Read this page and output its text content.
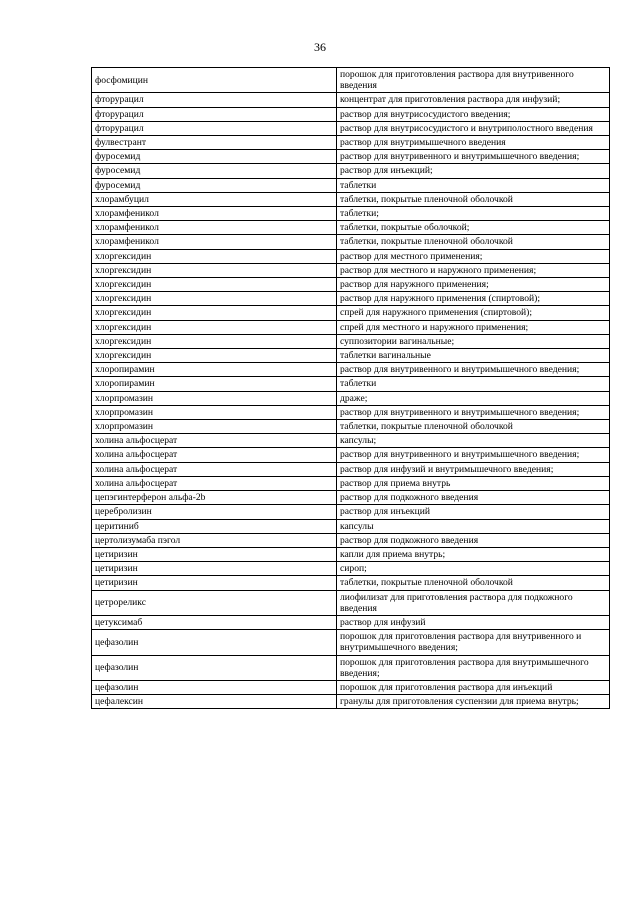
36
фосфомицин	порошок для приготовления раствора для внутривенного введения
фторурацил	концентрат для приготовления раствора для инфузий;
фторурацил	раствор для внутрисосудистого введения;
фторурацил	раствор для внутрисосудистого и внутриполостного введения
фулвестрант	раствор для внутримышечного введения
фуросемид	раствор для внутривенного и внутримышечного введения;
фуросемид	раствор для инъекций;
фуросемид	таблетки
хлорамбуцил	таблетки, покрытые пленочной оболочкой
хлорамфеникол	таблетки;
хлорамфеникол	таблетки, покрытые оболочкой;
хлорамфеникол	таблетки, покрытые пленочной оболочкой
хлоргексидин	раствор для местного применения;
хлоргексидин	раствор для местного и наружного применения;
хлоргексидин	раствор для наружного применения;
хлоргексидин	раствор для наружного применения (спиртовой);
хлоргексидин	спрей для наружного применения (спиртовой);
хлоргексидин	спрей для местного и наружного применения;
хлоргексидин	суппозитории вагинальные;
хлоргексидин	таблетки вагинальные
хлоропирамин	раствор для внутривенного и внутримышечного введения;
хлоропирамин	таблетки
хлорпромазин	драже;
хлорпромазин	раствор для внутривенного и внутримышечного введения;
хлорпромазин	таблетки, покрытые пленочной оболочкой
холина альфосцерат	капсулы;
холина альфосцерат	раствор для внутривенного и внутримышечного введения;
холина альфосцерат	раствор для инфузий и внутримышечного введения;
холина альфосцерат	раствор для приема внутрь
цепэгинтерферон альфа-2b	раствор для подкожного введения
церебролизин	раствор для инъекций
церитиниб	капсулы
цертолизумаба пэгол	раствор для подкожного введения
цетиризин	капли для приема внутрь;
цетиризин	сироп;
цетиризин	таблетки, покрытые пленочной оболочкой
цетрореликс	лиофилизат для приготовления раствора для подкожного введения
цетуксимаб	раствор для инфузий
цефазолин	порошок для приготовления раствора для внутривенного и внутримышечного введения;
цефазолин	порошок для приготовления раствора для внутримышечного введения;
цефазолин	порошок для приготовления раствора для инъекций
цефалексин	гранулы для приготовления суспензии для приема внутрь;
